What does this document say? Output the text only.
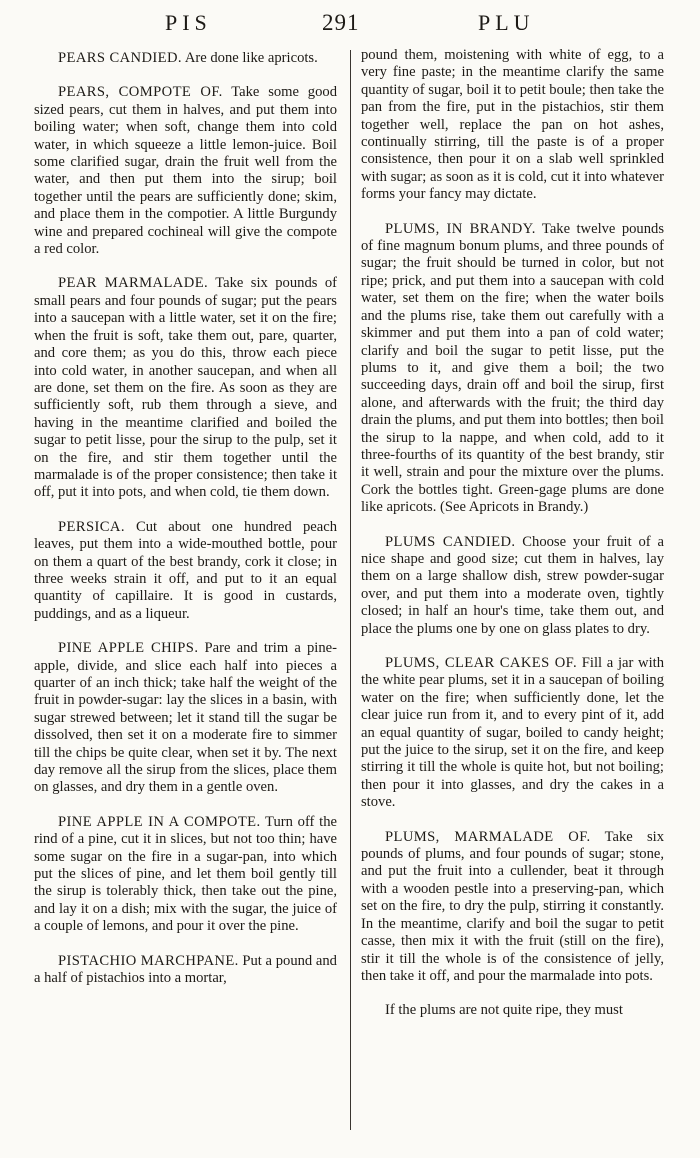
PIS	291	PLU

PEARS CANDIED. Are done like apricots.

PEARS, COMPOTE OF. Take some good sized pears, cut them in halves, and put them into boiling water; when soft, change them into cold water, in which squeeze a little lemon-juice. Boil some clarified sugar, drain the fruit well from the water, and then put them into the sirup; boil together until the pears are sufficiently done; skim, and place them in the compotier. A little Burgundy wine and prepared cochineal will give the compote a red color.

PEAR MARMALADE. Take six pounds of small pears and four pounds of sugar; put the pears into a saucepan with a little water, set it on the fire; when the fruit is soft, take them out, pare, quarter, and core them; as you do this, throw each piece into cold water, in another saucepan, and when all are done, set them on the fire. As soon as they are sufficiently soft, rub them through a sieve, and having in the meantime clarified and boiled the sugar to petit lisse, pour the sirup to the pulp, set it on the fire, and stir them together until the marmalade is of the proper consistence; then take it off, put it into pots, and when cold, tie them down.

PERSICA. Cut about one hundred peach leaves, put them into a wide-mouthed bottle, pour on them a quart of the best brandy, cork it close; in three weeks strain it off, and put to it an equal quantity of capillaire. It is good in custards, puddings, and as a liqueur.

PINE APPLE CHIPS. Pare and trim a pine-apple, divide, and slice each half into pieces a quarter of an inch thick; take half the weight of the fruit in powder-sugar: lay the slices in a basin, with sugar strewed between; let it stand till the sugar be dissolved, then set it on a moderate fire to simmer till the chips be quite clear, when set it by. The next day remove all the sirup from the slices, place them on glasses, and dry them in a gentle oven.

PINE APPLE IN A COMPOTE. Turn off the rind of a pine, cut it in slices, but not too thin; have some sugar on the fire in a sugar-pan, into which put the slices of pine, and let them boil gently till the sirup is tolerably thick, then take out the pine, and lay it on a dish; mix with the sugar, the juice of a couple of lemons, and pour it over the pine.

PISTACHIO MARCHPANE. Put a pound and a half of pistachios into a mortar,

pound them, moistening with white of egg, to a very fine paste; in the meantime clarify the same quantity of sugar, boil it to petit boule; then take the pan from the fire, put in the pistachios, stir them together well, replace the pan on hot ashes, continually stirring, till the paste is of a proper consistence, then pour it on a slab well sprinkled with sugar; as soon as it is cold, cut it into whatever forms your fancy may dictate.

PLUMS, IN BRANDY. Take twelve pounds of fine magnum bonum plums, and three pounds of sugar; the fruit should be turned in color, but not ripe; prick, and put them into a saucepan with cold water, set them on the fire; when the water boils and the plums rise, take them out carefully with a skimmer and put them into a pan of cold water; clarify and boil the sugar to petit lisse, put the plums to it, and give them a boil; the two succeeding days, drain off and boil the sirup, first alone, and afterwards with the fruit; the third day drain the plums, and put them into bottles; then boil the sirup to la nappe, and when cold, add to it three-fourths of its quantity of the best brandy, stir it well, strain and pour the mixture over the plums. Cork the bottles tight. Green-gage plums are done like apricots. (See Apricots in Brandy.)

PLUMS CANDIED. Choose your fruit of a nice shape and good size; cut them in halves, lay them on a large shallow dish, strew powder-sugar over, and put them into a moderate oven, tightly closed; in half an hour's time, take them out, and place the plums one by one on glass plates to dry.

PLUMS, CLEAR CAKES OF. Fill a jar with the white pear plums, set it in a saucepan of boiling water on the fire; when sufficiently done, let the clear juice run from it, and to every pint of it, add an equal quantity of sugar, boiled to candy height; put the juice to the sirup, set it on the fire, and keep stirring it till the whole is quite hot, but not boiling; then pour it into glasses, and dry the cakes in a stove.

PLUMS, MARMALADE OF. Take six pounds of plums, and four pounds of sugar; stone, and put the fruit into a cullender, beat it through with a wooden pestle into a preserving-pan, which set on the fire, to dry the pulp, stirring it constantly. In the meantime, clarify and boil the sugar to petit casse, then mix it with the fruit (still on the fire), stir it till the whole is of the consistence of jelly, then take it off, and pour the marmalade into pots.

If the plums are not quite ripe, they must
